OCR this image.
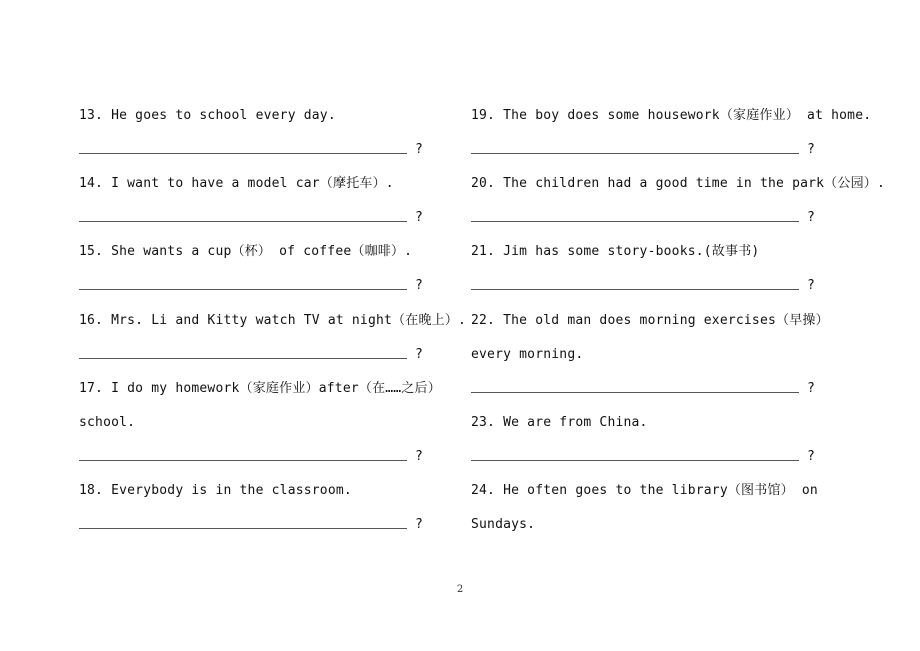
13. He goes to school every day.
?
14. I want to have a model car（摩托车）.
?
15. She wants a cup（杯） of coffee（咖啡）.
?
16. Mrs. Li and Kitty watch TV at night（在晚上）.
?
17. I do my homework（家庭作业）after（在……之后）
school.
?
18. Everybody is in the classroom.
?
19. The boy does some housework（家庭作业） at home.
?
20. The children had a good time in the park（公园）.
?
21. Jim has some story-books.(故事书)
?
22. The old man does morning exercises（早操）
every morning.
?
23. We are from China.
?
24. He often goes to the library（图书馆） on
Sundays.
2
